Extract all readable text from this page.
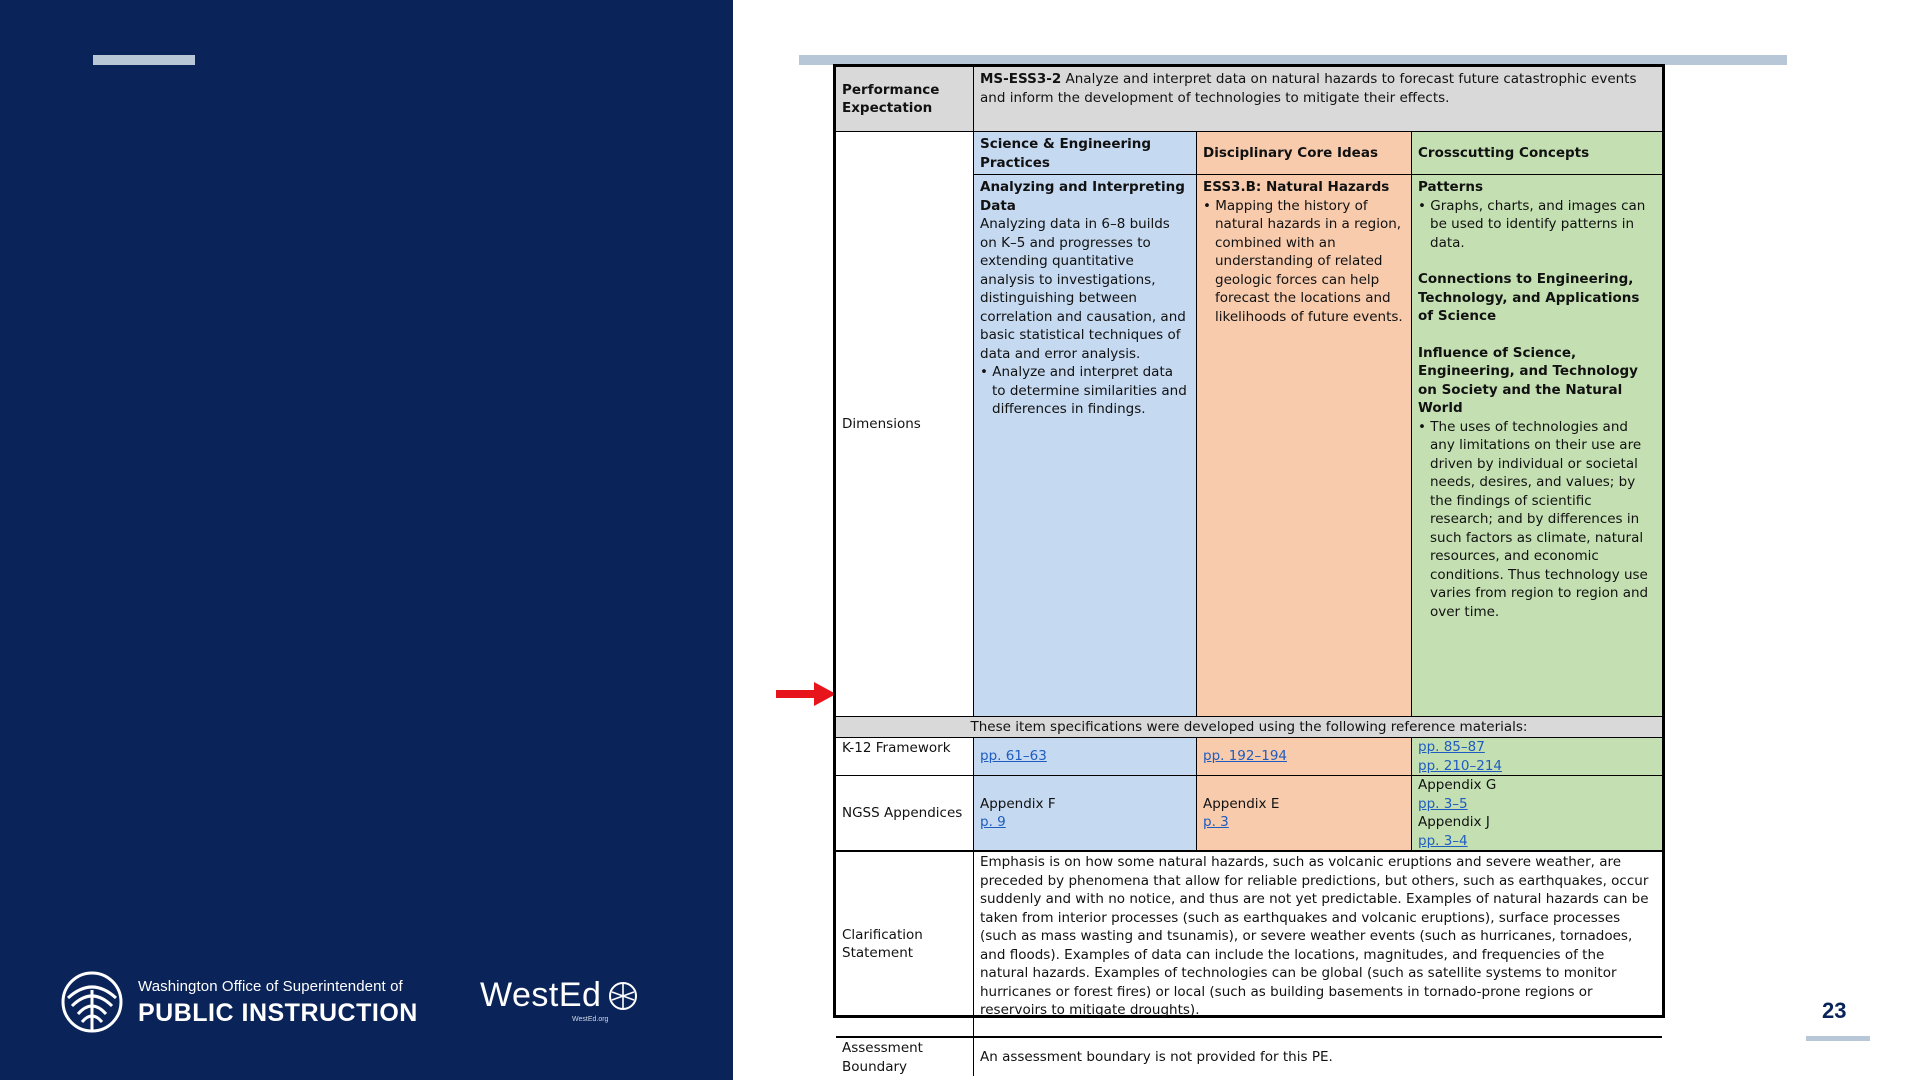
Washington Office of Superintendent of
PUBLIC INSTRUCTION WestEd
WestEd.org
Performance Expectation
MS-ESS3-2 Analyze and interpret data on natural hazards to forecast future catastrophic events and inform the development of technologies to mitigate their effects.
Dimensions
Science & Engineering Practices
Disciplinary Core Ideas	Crosscutting Concepts
Analyzing and Interpreting Data
Analyzing data in 6–8 builds on K–5 and progresses to extending quantitative analysis to investigations, distinguishing between correlation and causation, and basic statistical techniques of data and error analysis.
• Analyze and interpret data to determine similarities and differences in findings.
ESS3.B: Natural Hazards
• Mapping the history of natural hazards in a region, combined with an understanding of related geologic forces can help forecast the locations and likelihoods of future events.
Patterns
• Graphs, charts, and images can be used to identify patterns in data.
Connections to Engineering, Technology, and Applications of Science
Influence of Science, Engineering, and Technology on Society and the Natural World
• The uses of technologies and any limitations on their use are driven by individual or societal needs, desires, and values; by the findings of scientific research; and by differences in such factors as climate, natural resources, and economic conditions. Thus technology use varies from region to region and over time.
These item specifications were developed using the following reference materials:
K-12 Framework
pp. 61–63	pp. 192–194
pp. 85–87
pp. 210–214
NGSS Appendices
Appendix F
p. 9
Appendix E
p. 3
Appendix G
pp. 3–5
Appendix J
pp. 3–4
Clarification Statement
Emphasis is on how some natural hazards, such as volcanic eruptions and severe weather, are preceded by phenomena that allow for reliable predictions, but others, such as earthquakes, occur suddenly and with no notice, and thus are not yet predictable. Examples of natural hazards can be taken from interior processes (such as earthquakes and volcanic eruptions), surface processes (such as mass wasting and tsunamis), or severe weather events (such as hurricanes, tornadoes, and floods). Examples of data can include the locations, magnitudes, and frequencies of the natural hazards. Examples of technologies can be global (such as satellite systems to monitor hurricanes or forest fires) or local (such as building basements in tornado-prone regions or reservoirs to mitigate droughts).
Assessment Boundary
An assessment boundary is not provided for this PE.
23
